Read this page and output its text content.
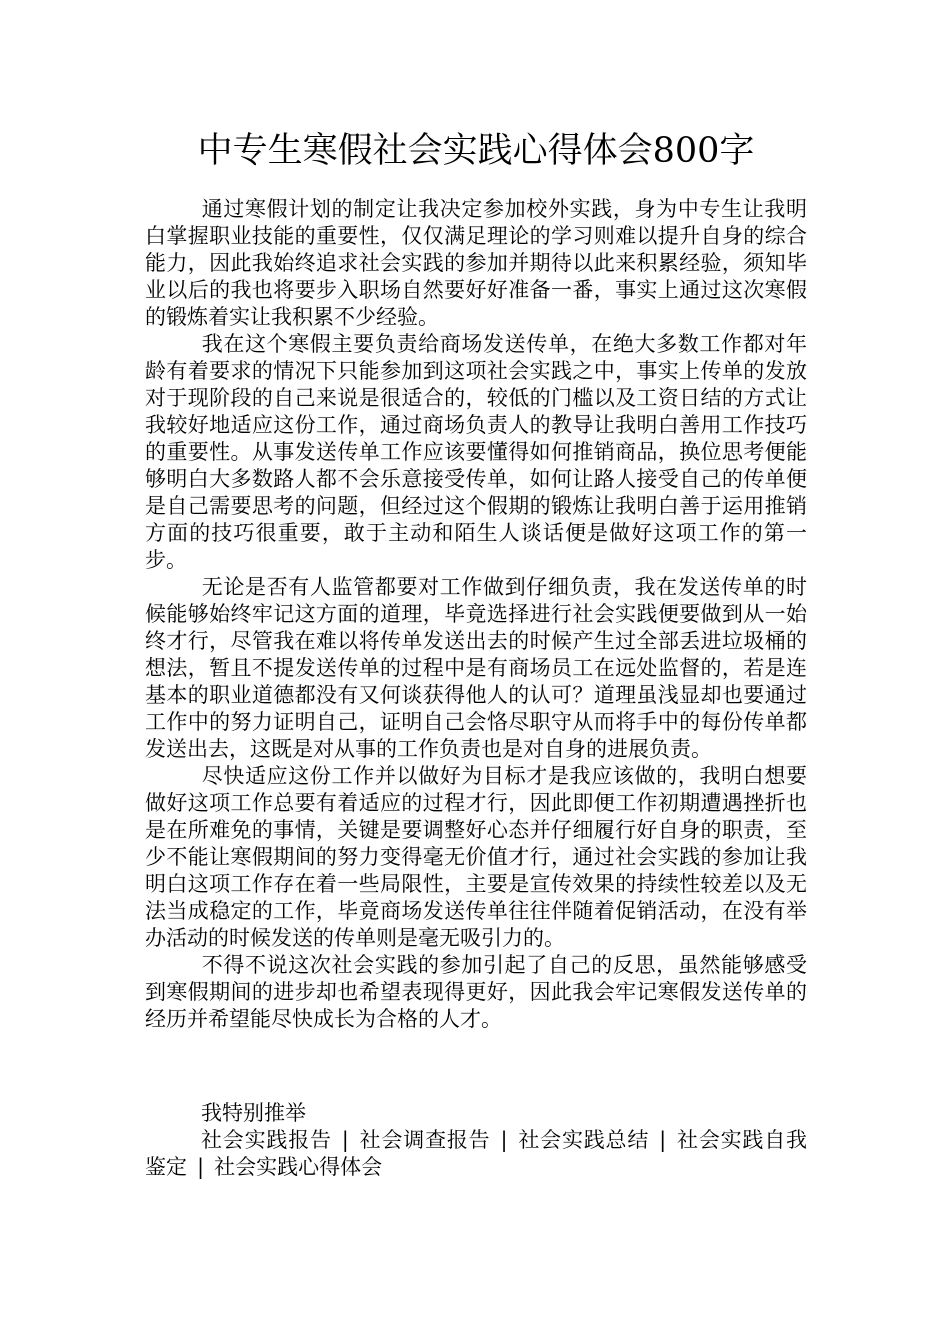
中专生寒假社会实践心得体会800字

通过寒假计划的制定让我决定参加校外实践，身为中专生让我明白掌握职业技能的重要性，仅仅满足理论的学习则难以提升自身的综合能力，因此我始终追求社会实践的参加并期待以此来积累经验，须知毕业以后的我也将要步入职场自然要好好准备一番，事实上通过这次寒假的锻炼着实让我积累不少经验。

我在这个寒假主要负责给商场发送传单，在绝大多数工作都对年龄有着要求的情况下只能参加到这项社会实践之中，事实上传单的发放对于现阶段的自己来说是很适合的，较低的门槛以及工资日结的方式让我较好地适应这份工作，通过商场负责人的教导让我明白善用工作技巧的重要性。从事发送传单工作应该要懂得如何推销商品，换位思考便能够明白大多数路人都不会乐意接受传单，如何让路人接受自己的传单便是自己需要思考的问题，但经过这个假期的锻炼让我明白善于运用推销方面的技巧很重要，敢于主动和陌生人谈话便是做好这项工作的第一步。

无论是否有人监管都要对工作做到仔细负责，我在发送传单的时候能够始终牢记这方面的道理，毕竟选择进行社会实践便要做到从一始终才行，尽管我在难以将传单发送出去的时候产生过全部丢进垃圾桶的想法，暂且不提发送传单的过程中是有商场员工在远处监督的，若是连基本的职业道德都没有又何谈获得他人的认可？道理虽浅显却也要通过工作中的努力证明自己，证明自己会恪尽职守从而将手中的每份传单都发送出去，这既是对从事的工作负责也是对自身的进展负责。

尽快适应这份工作并以做好为目标才是我应该做的，我明白想要做好这项工作总要有着适应的过程才行，因此即便工作初期遭遇挫折也是在所难免的事情，关键是要调整好心态并仔细履行好自身的职责，至少不能让寒假期间的努力变得毫无价值才行，通过社会实践的参加让我明白这项工作存在着一些局限性，主要是宣传效果的持续性较差以及无法当成稳定的工作，毕竟商场发送传单往往伴随着促销活动，在没有举办活动的时候发送的传单则是毫无吸引力的。

不得不说这次社会实践的参加引起了自己的反思，虽然能够感受到寒假期间的进步却也希望表现得更好，因此我会牢记寒假发送传单的经历并希望能尽快成长为合格的人才。

我特别推举
社会实践报告 | 社会调查报告 | 社会实践总结 | 社会实践自我鉴定 | 社会实践心得体会
